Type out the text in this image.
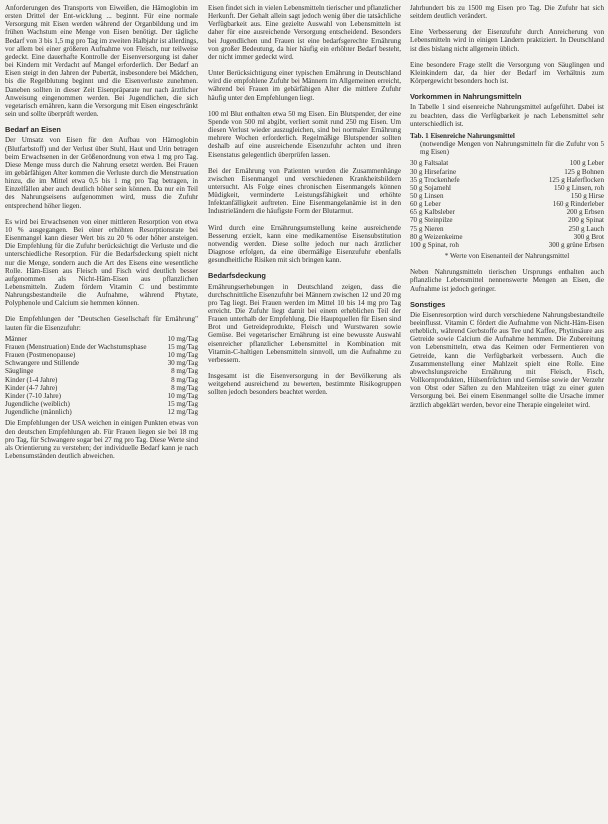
Anforderungen des Transports von Eiweißen, die Hämoglobin im ersten Drittel der Ent-wicklung ... beginnt. Für eine normale Versorgung mit Eisen werden während der Organbildung und im frühen Wachstum eine Menge von Eisen benötigt. Der tägliche Bedarf von 3 bis 1,5 mg pro Tag im zweiten Halbjahr ist allerdings, vor allem bei einer größeren Aufnahme von Fleisch, nur teilweise gedeckt. Eine dauerhafte Kontrolle der Eisenversorgung ist daher bei Kindern mit Verdacht auf Mangel erforderlich. Der Bedarf an Eisen steigt in den Jahren der Pubertät, insbesondere bei Mädchen, bis die Regelblutung beginnt und die Eisenverluste zunehmen. Daneben sollten in dieser Zeit Eisenpräparate nur nach ärztlicher Anweisung eingenommen werden. Bei Jugendlichen, die sich vegetarisch ernähren, kann die Versorgung mit Eisen eingeschränkt sein und sollte überprüft werden.

Bedarf an Eisen

Der Umsatz von Eisen für den Aufbau von Hämoglobin (Blutfarbstoff) und der Verlust über Stuhl, Haut und Urin betragen beim Erwachsenen in der Größenordnung von etwa 1 mg pro Tag. Diese Menge muss durch die Nahrung ersetzt werden. Bei Frauen im gebärfähigen Alter kommen die Verluste durch die Menstruation hinzu, die im Mittel etwa 0,5 bis 1 mg pro Tag betragen, in Einzelfällen aber auch deutlich höher sein können. Da nur ein Teil des Nahrungseisens aufgenommen wird, muss die Zufuhr entsprechend höher liegen.

Es wird bei Erwachsenen von einer mittleren Resorption von etwa 10 % ausgegangen. Bei einer erhöhten Resorptionsrate bei Eisenmangel kann dieser Wert bis zu 20 % oder höher ansteigen. Die Empfehlung für die Zufuhr berücksichtigt die Verluste und die unterschiedliche Resorption. Für die Bedarfsdeckung spielt nicht nur die Menge, sondern auch die Art des Eisens eine wesentliche Rolle. Häm-Eisen aus Fleisch und Fisch wird deutlich besser aufgenommen als Nicht-Häm-Eisen aus pflanzlichen Lebensmitteln. Zudem fördern Vitamin C und bestimmte Nahrungsbestandteile die Aufnahme, während Phytate, Polyphenole und Calcium sie hemmen können.

Die Empfehlungen der "Deutschen Gesellschaft für Ernährung" lauten für die Eisenzufuhr:

Männer	10 mg/Tag
Frauen (Menstruation) Ende der Wachstumsphase	15 mg/Tag
Frauen (Postmenopause)	10 mg/Tag
Schwangere und Stillende	30 mg/Tag
Säuglinge	8 mg/Tag
Kinder (1-4 Jahre)	8 mg/Tag
Kinder (4-7 Jahre)	8 mg/Tag
Kinder (7-10 Jahre)	10 mg/Tag
Jugendliche (weiblich)	15 mg/Tag
Jugendliche (männlich)	12 mg/Tag

Die Empfehlungen der USA weichen in einigen Punkten etwas von den deutschen Empfehlungen ab. Für Frauen liegen sie bei 18 mg pro Tag, für Schwangere sogar bei 27 mg pro Tag. Diese Werte sind als Orientierung zu verstehen; der individuelle Bedarf kann je nach Lebensumständen deutlich abweichen.

Eisen findet sich in vielen Lebensmitteln tierischer und pflanzlicher Herkunft. Der Gehalt allein sagt jedoch wenig über die tatsächliche Verfügbarkeit aus. Eine gezielte Auswahl von Lebensmitteln ist daher für eine ausreichende Versorgung entscheidend. Besonders bei Jugendlichen und Frauen ist eine bedarfsgerechte Ernährung von großer Bedeutung, da hier häufig ein erhöhter Bedarf besteht, der nicht immer gedeckt wird.

Unter Berücksichtigung einer typischen Ernährung in Deutschland wird die empfohlene Zufuhr bei Männern im Allgemeinen erreicht, während bei Frauen im gebärfähigen Alter die mittlere Zufuhr häufig unter den Empfehlungen liegt.

100 ml Blut enthalten etwa 50 mg Eisen. Ein Blutspender, der eine Spende von 500 ml abgibt, verliert somit rund 250 mg Eisen. Um diesen Verlust wieder auszugleichen, sind bei normaler Ernährung mehrere Wochen erforderlich. Regelmäßige Blutspender sollten deshalb auf eine ausreichende Eisenzufuhr achten und ihren Eisenstatus gelegentlich überprüfen lassen.

Bei der Ernährung von Patienten wurden die Zusammenhänge zwischen Eisenmangel und verschiedenen Krankheitsbildern untersucht. Als Folge eines chronischen Eisenmangels können Müdigkeit, verminderte Leistungsfähigkeit und erhöhte Infektanfälligkeit auftreten. Eine Eisenmangelanämie ist in den Industrieländern die häufigste Form der Blutarmut.

Wird durch eine Ernährungsumstellung keine ausreichende Besserung erzielt, kann eine medikamentöse Eisensubstitution notwendig werden. Diese sollte jedoch nur nach ärztlicher Diagnose erfolgen, da eine übermäßige Eisenzufuhr ebenfalls gesundheitliche Risiken mit sich bringen kann.

Bedarfsdeckung

Ernährungserhebungen in Deutschland zeigen, dass die durchschnittliche Eisenzufuhr bei Männern zwischen 12 und 20 mg pro Tag liegt. Bei Frauen werden im Mittel 10 bis 14 mg pro Tag erreicht. Die Zufuhr liegt damit bei einem erheblichen Teil der Frauen unterhalb der Empfehlung. Die Hauptquellen für Eisen sind Brot und Getreideprodukte, Fleisch und Wurstwaren sowie Gemüse. Bei vegetarischer Ernährung ist eine bewusste Auswahl eisenreicher pflanzlicher Lebensmittel in Kombination mit Vitamin-C-haltigen Lebensmitteln sinnvoll, um die Aufnahme zu verbessern.

Insgesamt ist die Eisenversorgung in der Bevölkerung als weitgehend ausreichend zu bewerten, bestimmte Risikogruppen sollten jedoch besonders beachtet werden.

Jahrhundert bis zu 1500 mg Eisen pro Tag. Die Zufuhr hat sich seitdem deutlich verändert.

Eine Verbesserung der Eisenzufuhr durch Anreicherung von Lebensmitteln wird in einigen Ländern praktiziert. In Deutschland ist dies bislang nicht allgemein üblich.

Eine besondere Frage stellt die Versorgung von Säuglingen und Kleinkindern dar, da hier der Bedarf im Verhältnis zum Körpergewicht besonders hoch ist.

Vorkommen in Nahrungsmitteln

In Tabelle 1 sind eisenreiche Nahrungsmittel aufgeführt. Dabei ist zu beachten, dass die Verfügbarkeit je nach Lebensmittel sehr unterschiedlich ist.

Tab. 1 Eisenreiche Nahrungsmittel
(notwendige Mengen von Nahrungsmitteln für die Zufuhr von 5 mg Eisen)
30 g Faltsalat	100 g Leber
30 g Hirsefarine	125 g Bohnen
35 g Trockenhefe	125 g Haferflocken
50 g Sojamehl	150 g Linsen, roh
50 g Linsen	150 g Hirse
60 g Leber	160 g Rinderleber
65 g Kalbsleber	200 g Erbsen
70 g Steinpilze	200 g Spinat
75 g Nieren	250 g Lauch
80 g Weizenkeime	300 g Brot
100 g Spinat, roh	300 g grüne Erbsen
* Werte von Eisenanteil der Nahrungsmittel

Neben Nahrungsmitteln tierischen Ursprungs enthalten auch pflanzliche Lebensmittel nennenswerte Mengen an Eisen, die Aufnahme ist jedoch geringer.

Sonstiges

Die Eisenresorption wird durch verschiedene Nahrungsbestandteile beeinflusst. Vitamin C fördert die Aufnahme von Nicht-Häm-Eisen erheblich, während Gerbstoffe aus Tee und Kaffee, Phytinsäure aus Getreide sowie Calcium die Aufnahme hemmen. Die Zubereitung von Lebensmitteln, etwa das Keimen oder Fermentieren von Getreide, kann die Verfügbarkeit verbessern. Auch die Zusammenstellung einer Mahlzeit spielt eine Rolle. Eine abwechslungsreiche Ernährung mit Fleisch, Fisch, Vollkornprodukten, Hülsenfrüchten und Gemüse sowie der Verzehr von Obst oder Säften zu den Mahlzeiten trägt zu einer guten Versorgung bei. Bei einem Eisenmangel sollte die Ursache immer ärztlich abgeklärt werden, bevor eine Therapie eingeleitet wird.
